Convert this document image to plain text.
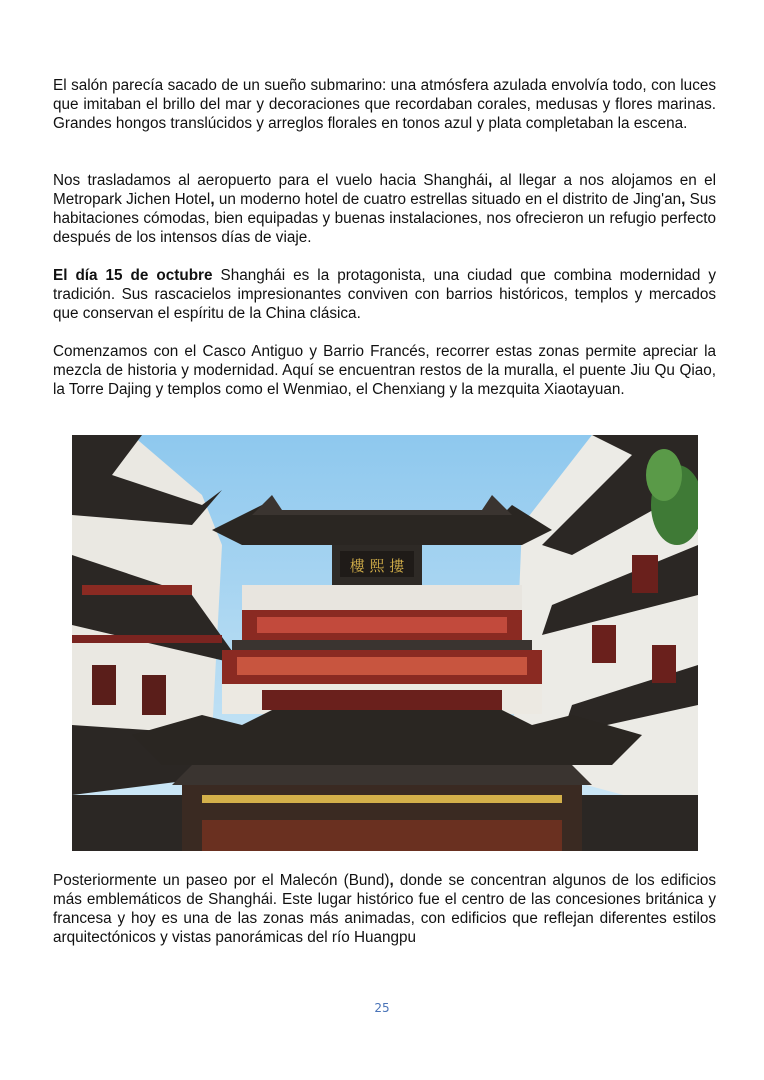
El salón parecía sacado de un sueño submarino: una atmósfera azulada envolvía todo, con luces que imitaban el brillo del mar y decoraciones que recordaban corales, medusas y flores marinas. Grandes hongos translúcidos y arreglos florales en tonos azul y plata completaban la escena.

Nos trasladamos al aeropuerto para el vuelo hacia Shanghái, al llegar a nos alojamos en el Metropark Jichen Hotel, un moderno hotel de cuatro estrellas situado en el distrito de Jing'an, Sus habitaciones cómodas, bien equipadas y buenas instalaciones, nos ofrecieron un refugio perfecto después de los intensos días de viaje.

El día 15 de octubre Shanghái es la protagonista, una ciudad que combina modernidad y tradición. Sus rascacielos impresionantes conviven con barrios históricos, templos y mercados que conservan el espíritu de la China clásica.

Comenzamos con el Casco Antiguo y Barrio Francés, recorrer estas zonas permite apreciar la mezcla de historia y modernidad. Aquí se encuentran restos de la muralla, el puente Jiu Qu Qiao, la Torre Dajing y templos como el Wenmiao, el Chenxiang y la mezquita Xiaotayuan.

樓 熙 摟

Posteriormente un paseo por el Malecón (Bund), donde se concentran algunos de los edificios más emblemáticos de Shanghái. Este lugar histórico fue el centro de las concesiones británica y francesa y hoy es una de las zonas más animadas, con edificios que reflejan diferentes estilos arquitectónicos y vistas panorámicas del río Huangpu

25
